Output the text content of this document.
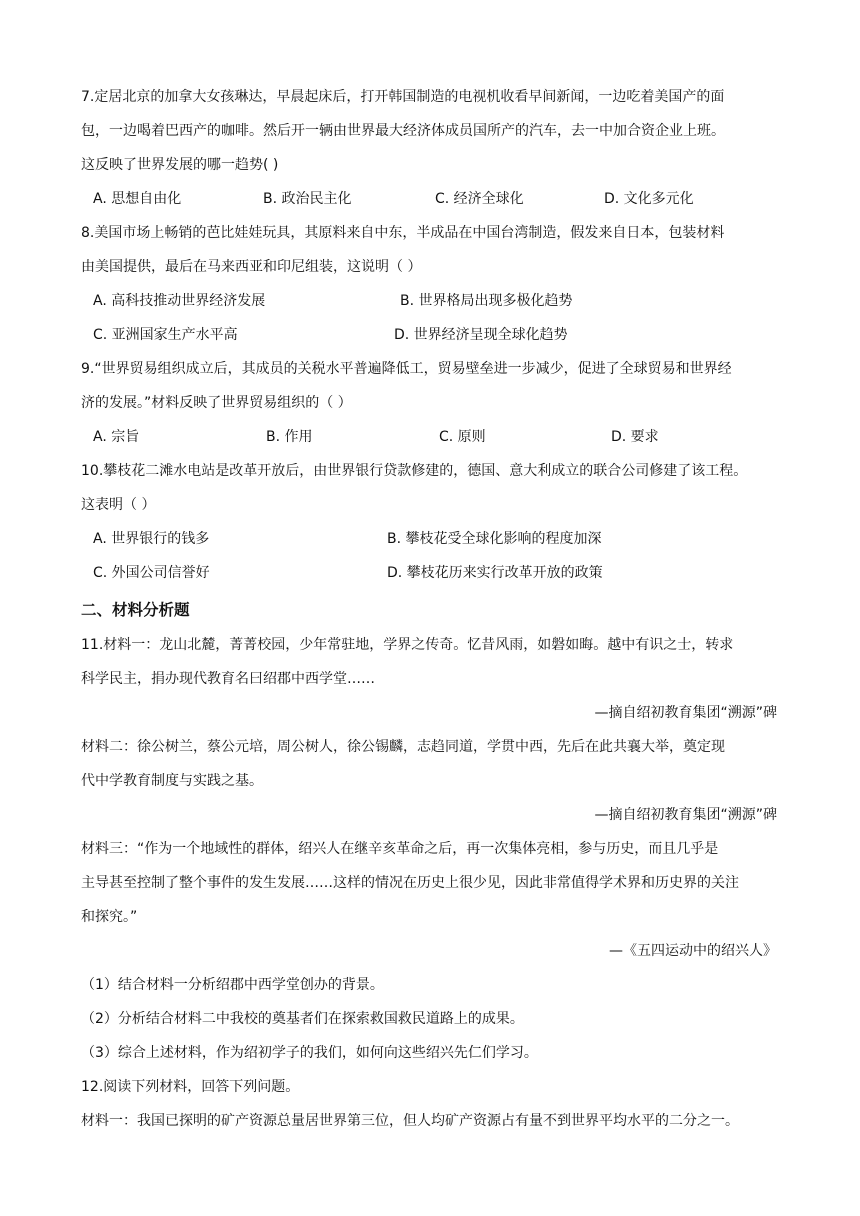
7.定居北京的加拿大女孩琳达，早晨起床后，打开韩国制造的电视机收看早间新闻，一边吃着美国产的面
包，一边喝着巴西产的咖啡。然后开一辆由世界最大经济体成员国所产的汽车，去一中加合资企业上班。
这反映了世界发展的哪一趋势( )
A. 思想自由化	B. 政治民主化	C. 经济全球化	D. 文化多元化
8.美国市场上畅销的芭比娃娃玩具，其原料来自中东，半成品在中国台湾制造，假发来自日本，包装材料
由美国提供，最后在马来西亚和印尼组装，这说明（ ）
A. 高科技推动世界经济发展	B. 世界格局出现多极化趋势
C. 亚洲国家生产水平高	D. 世界经济呈现全球化趋势
9.“世界贸易组织成立后，其成员的关税水平普遍降低工，贸易壁垒进一步减少，促进了全球贸易和世界经
济的发展。”材料反映了世界贸易组织的（ ）
A. 宗旨	B. 作用	C. 原则	D. 要求
10.攀枝花二滩水电站是改革开放后，由世界银行贷款修建的，德国、意大利成立的联合公司修建了该工程。
这表明（ ）
A. 世界银行的钱多	B. 攀枝花受全球化影响的程度加深
C. 外国公司信誉好	D. 攀枝花历来实行改革开放的政策
二、材料分析题
11.材料一：龙山北麓，菁菁校园，少年常驻地，学界之传奇。忆昔风雨，如磐如晦。越中有识之士，转求
科学民主，捐办现代教育名曰绍郡中西学堂……
—摘自绍初教育集团“溯源”碑
材料二：徐公树兰，蔡公元培，周公树人，徐公锡麟，志趋同道，学贯中西，先后在此共襄大举，奠定现
代中学教育制度与实践之基。
—摘自绍初教育集团“溯源”碑
材料三：“作为一个地域性的群体，绍兴人在继辛亥革命之后，再一次集体亮相，参与历史，而且几乎是
主导甚至控制了整个事件的发生发展……这样的情况在历史上很少见，因此非常值得学术界和历史界的关注
和探究。”
—《五四运动中的绍兴人》
（1）结合材料一分析绍郡中西学堂创办的背景。
（2）分析结合材料二中我校的奠基者们在探索救国救民道路上的成果。
（3）综合上述材料，作为绍初学子的我们，如何向这些绍兴先仁们学习。
12.阅读下列材料，回答下列问题。
材料一：我国已探明的矿产资源总量居世界第三位，但人均矿产资源占有量不到世界平均水平的二分之一。
